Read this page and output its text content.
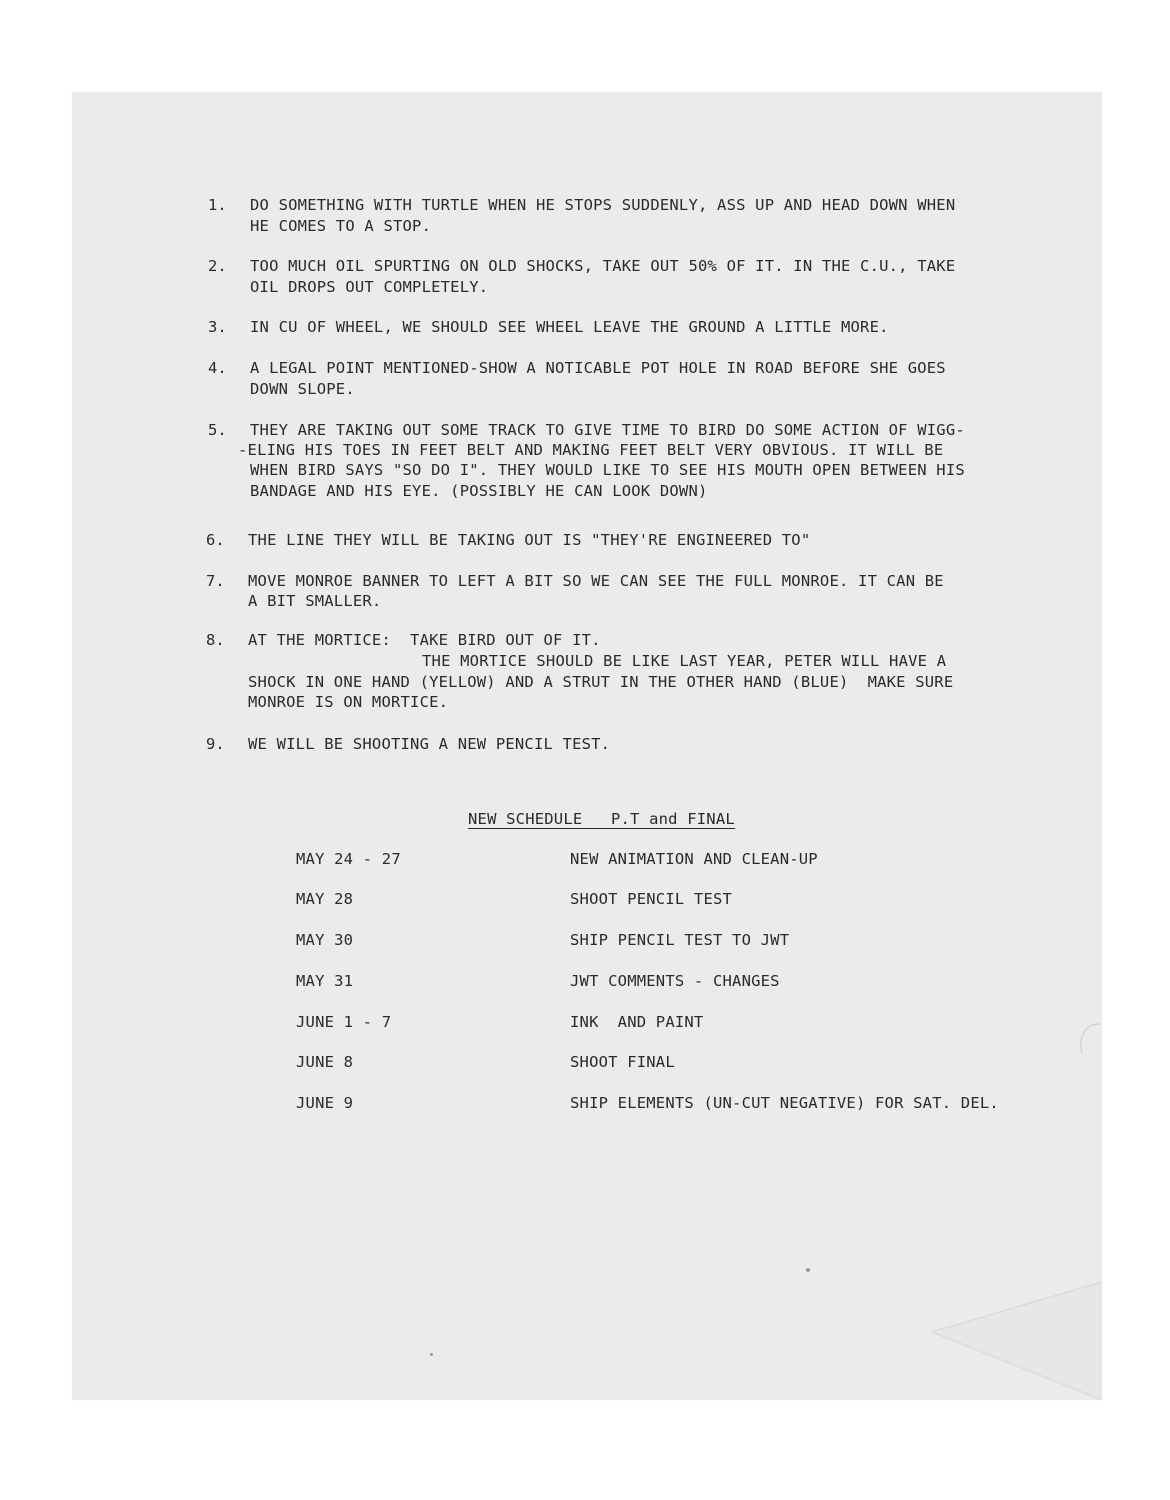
1. DO SOMETHING WITH TURTLE WHEN HE STOPS SUDDENLY, ASS UP AND HEAD DOWN WHEN
HE COMES TO A STOP.
2. TOO MUCH OIL SPURTING ON OLD SHOCKS, TAKE OUT 50% OF IT. IN THE C.U., TAKE
OIL DROPS OUT COMPLETELY.
3. IN CU OF WHEEL, WE SHOULD SEE WHEEL LEAVE THE GROUND A LITTLE MORE.
4. A LEGAL POINT MENTIONED-SHOW A NOTICABLE POT HOLE IN ROAD BEFORE SHE GOES
DOWN SLOPE.
5. THEY ARE TAKING OUT SOME TRACK TO GIVE TIME TO BIRD DO SOME ACTION OF WIGG-
-ELING HIS TOES IN FEET BELT AND MAKING FEET BELT VERY OBVIOUS. IT WILL BE
WHEN BIRD SAYS "SO DO I". THEY WOULD LIKE TO SEE HIS MOUTH OPEN BETWEEN HIS
BANDAGE AND HIS EYE. (POSSIBLY HE CAN LOOK DOWN)
6. THE LINE THEY WILL BE TAKING OUT IS "THEY'RE ENGINEERED TO"
7. MOVE MONROE BANNER TO LEFT A BIT SO WE CAN SEE THE FULL MONROE. IT CAN BE
A BIT SMALLER.
8. AT THE MORTICE:  TAKE BIRD OUT OF IT.
THE MORTICE SHOULD BE LIKE LAST YEAR, PETER WILL HAVE A
SHOCK IN ONE HAND (YELLOW) AND A STRUT IN THE OTHER HAND (BLUE)  MAKE SURE
MONROE IS ON MORTICE.
9. WE WILL BE SHOOTING A NEW PENCIL TEST.
NEW SCHEDULE   P.T and FINAL
MAY 24 - 27	NEW ANIMATION AND CLEAN-UP
MAY 28	SHOOT PENCIL TEST
MAY 30	SHIP PENCIL TEST TO JWT
MAY 31	JWT COMMENTS - CHANGES
JUNE 1 - 7	INK  AND PAINT
JUNE 8	SHOOT FINAL
JUNE 9	SHIP ELEMENTS (UN-CUT NEGATIVE) FOR SAT. DEL.
